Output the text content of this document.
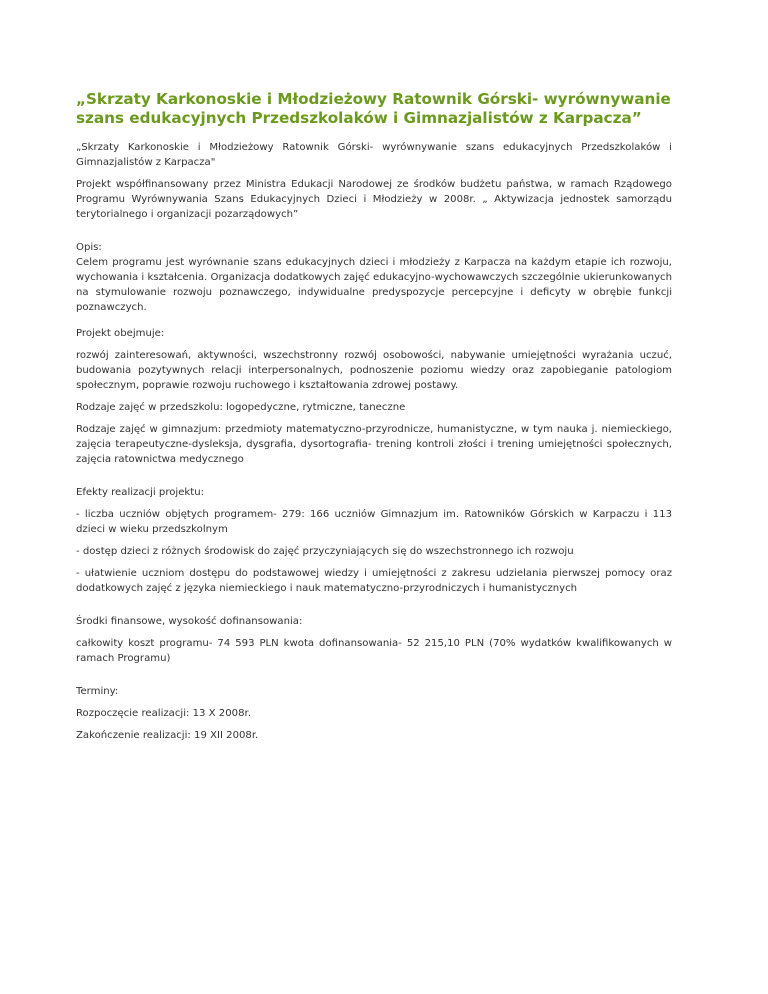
„Skrzaty Karkonoskie i Młodzieżowy Ratownik Górski- wyrównywanie szans edukacyjnych Przedszkolaków i Gimnazjalistów z Karpacza”

„Skrzaty Karkonoskie i Młodzieżowy Ratownik Górski- wyrównywanie szans edukacyjnych Przedszkolaków i Gimnazjalistów z Karpacza"

Projekt współfinansowany przez Ministra Edukacji Narodowej ze środków budżetu państwa, w ramach Rządowego Programu Wyrównywania Szans Edukacyjnych Dzieci i Młodzieży w 2008r. „ Aktywizacja jednostek samorządu terytorialnego i organizacji pozarządowych”

Opis:

Celem programu jest wyrównanie szans edukacyjnych dzieci i młodzieży z Karpacza na każdym etapie ich rozwoju, wychowania i kształcenia. Organizacja dodatkowych zajęć edukacyjno-wychowawczych szczególnie ukierunkowanych na stymulowanie rozwoju poznawczego, indywidualne predyspozycje percepcyjne i deficyty w obrębie funkcji poznawczych.

Projekt obejmuje:

rozwój zainteresowań, aktywności, wszechstronny rozwój osobowości, nabywanie umiejętności wyrażania uczuć, budowania pozytywnych relacji interpersonalnych, podnoszenie poziomu wiedzy oraz zapobieganie patologiom społecznym, poprawie rozwoju ruchowego i kształtowania zdrowej postawy.

Rodzaje zajęć w przedszkolu: logopedyczne, rytmiczne, taneczne

Rodzaje zajęć w gimnazjum: przedmioty matematyczno-przyrodnicze, humanistyczne, w tym nauka j. niemieckiego, zajęcia terapeutyczne-dysleksja, dysgrafia, dysortografia- trening kontroli złości i trening umiejętności społecznych, zajęcia ratownictwa medycznego

Efekty realizacji projektu:

- liczba uczniów objętych programem- 279: 166 uczniów Gimnazjum im. Ratowników Górskich w Karpaczu i 113 dzieci w wieku przedszkolnym

- dostęp dzieci z różnych środowisk do zajęć przyczyniających się do wszechstronnego ich rozwoju

- ułatwienie uczniom dostępu do podstawowej wiedzy i umiejętności z zakresu udzielania pierwszej pomocy oraz dodatkowych zajęć z języka niemieckiego i nauk matematyczno-przyrodniczych i humanistycznych

Środki finansowe, wysokość dofinansowania:

całkowity koszt programu- 74 593 PLN kwota dofinansowania- 52 215,10 PLN (70% wydatków kwalifikowanych w ramach Programu)

Terminy:

Rozpoczęcie realizacji: 13 X 2008r.

Zakończenie realizacji: 19 XII 2008r.
